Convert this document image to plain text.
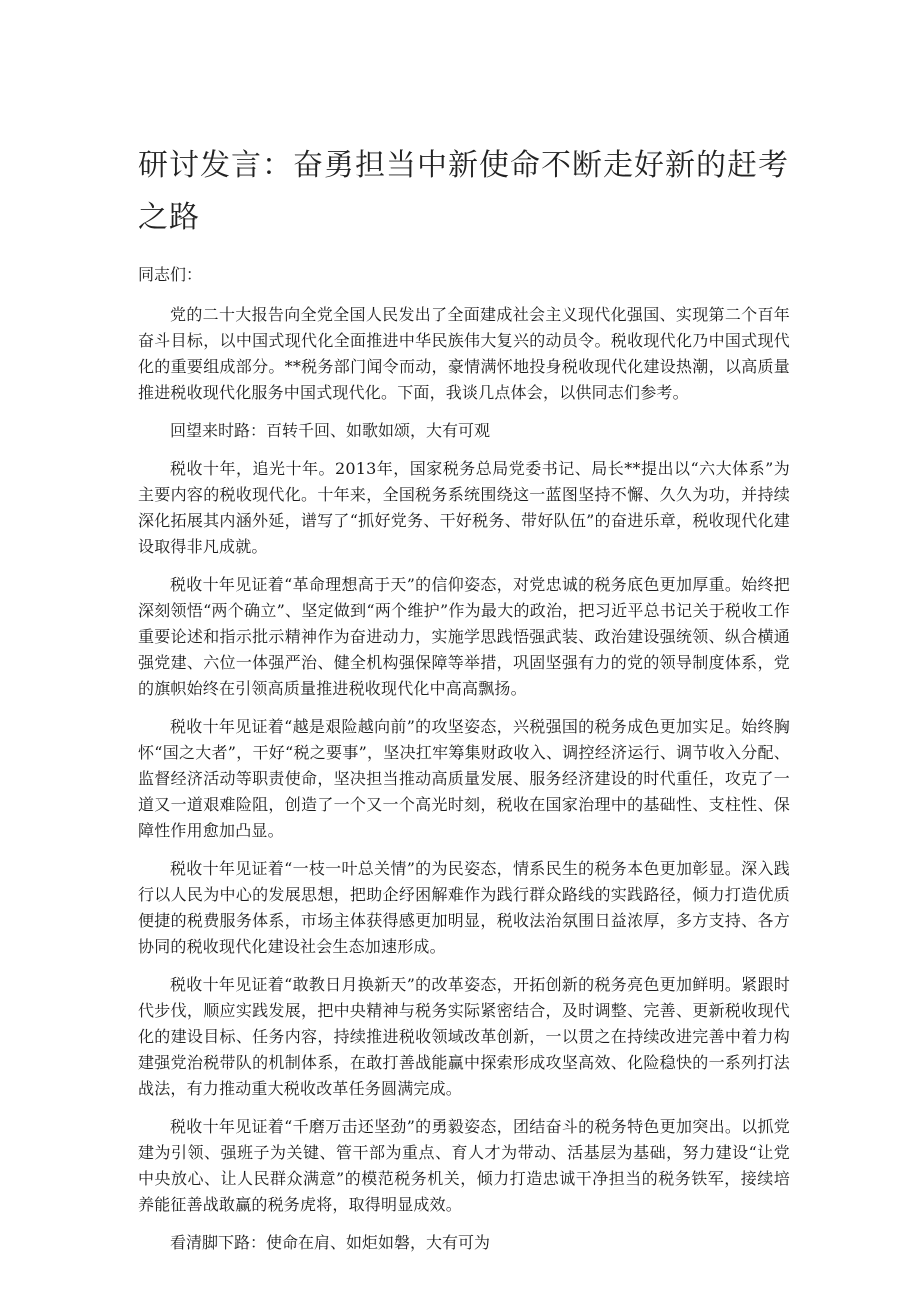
研讨发言：奋勇担当中新使命不断走好新的赶考之路

同志们：

党的二十大报告向全党全国人民发出了全面建成社会主义现代化强国、实现第二个百年奋斗目标，以中国式现代化全面推进中华民族伟大复兴的动员令。税收现代化乃中国式现代化的重要组成部分。**税务部门闻令而动，豪情满怀地投身税收现代化建设热潮，以高质量推进税收现代化服务中国式现代化。下面，我谈几点体会，以供同志们参考。

回望来时路：百转千回、如歌如颂，大有可观

税收十年，追光十年。2013年，国家税务总局党委书记、局长**提出以“六大体系”为主要内容的税收现代化。十年来，全国税务系统围绕这一蓝图坚持不懈、久久为功，并持续深化拓展其内涵外延，谱写了“抓好党务、干好税务、带好队伍”的奋进乐章，税收现代化建设取得非凡成就。

税收十年见证着“革命理想高于天”的信仰姿态，对党忠诚的税务底色更加厚重。始终把深刻领悟“两个确立”、坚定做到“两个维护”作为最大的政治，把习近平总书记关于税收工作重要论述和指示批示精神作为奋进动力，实施学思践悟强武装、政治建设强统领、纵合横通强党建、六位一体强严治、健全机构强保障等举措，巩固坚强有力的党的领导制度体系，党的旗帜始终在引领高质量推进税收现代化中高高飘扬。

税收十年见证着“越是艰险越向前”的攻坚姿态，兴税强国的税务成色更加实足。始终胸怀“国之大者”，干好“税之要事”，坚决扛牢筹集财政收入、调控经济运行、调节收入分配、监督经济活动等职责使命，坚决担当推动高质量发展、服务经济建设的时代重任，攻克了一道又一道艰难险阻，创造了一个又一个高光时刻，税收在国家治理中的基础性、支柱性、保障性作用愈加凸显。

税收十年见证着“一枝一叶总关情”的为民姿态，情系民生的税务本色更加彰显。深入践行以人民为中心的发展思想，把助企纾困解难作为践行群众路线的实践路径，倾力打造优质便捷的税费服务体系，市场主体获得感更加明显，税收法治氛围日益浓厚，多方支持、各方协同的税收现代化建设社会生态加速形成。

税收十年见证着“敢教日月换新天”的改革姿态，开拓创新的税务亮色更加鲜明。紧跟时代步伐，顺应实践发展，把中央精神与税务实际紧密结合，及时调整、完善、更新税收现代化的建设目标、任务内容，持续推进税收领域改革创新，一以贯之在持续改进完善中着力构建强党治税带队的机制体系，在敢打善战能赢中探索形成攻坚高效、化险稳快的一系列打法战法，有力推动重大税收改革任务圆满完成。

税收十年见证着“千磨万击还坚劲”的勇毅姿态，团结奋斗的税务特色更加突出。以抓党建为引领、强班子为关键、管干部为重点、育人才为带动、活基层为基础，努力建设“让党中央放心、让人民群众满意”的模范税务机关，倾力打造忠诚干净担当的税务铁军，接续培养能征善战敢赢的税务虎将，取得明显成效。

看清脚下路：使命在肩、如炬如磐，大有可为
